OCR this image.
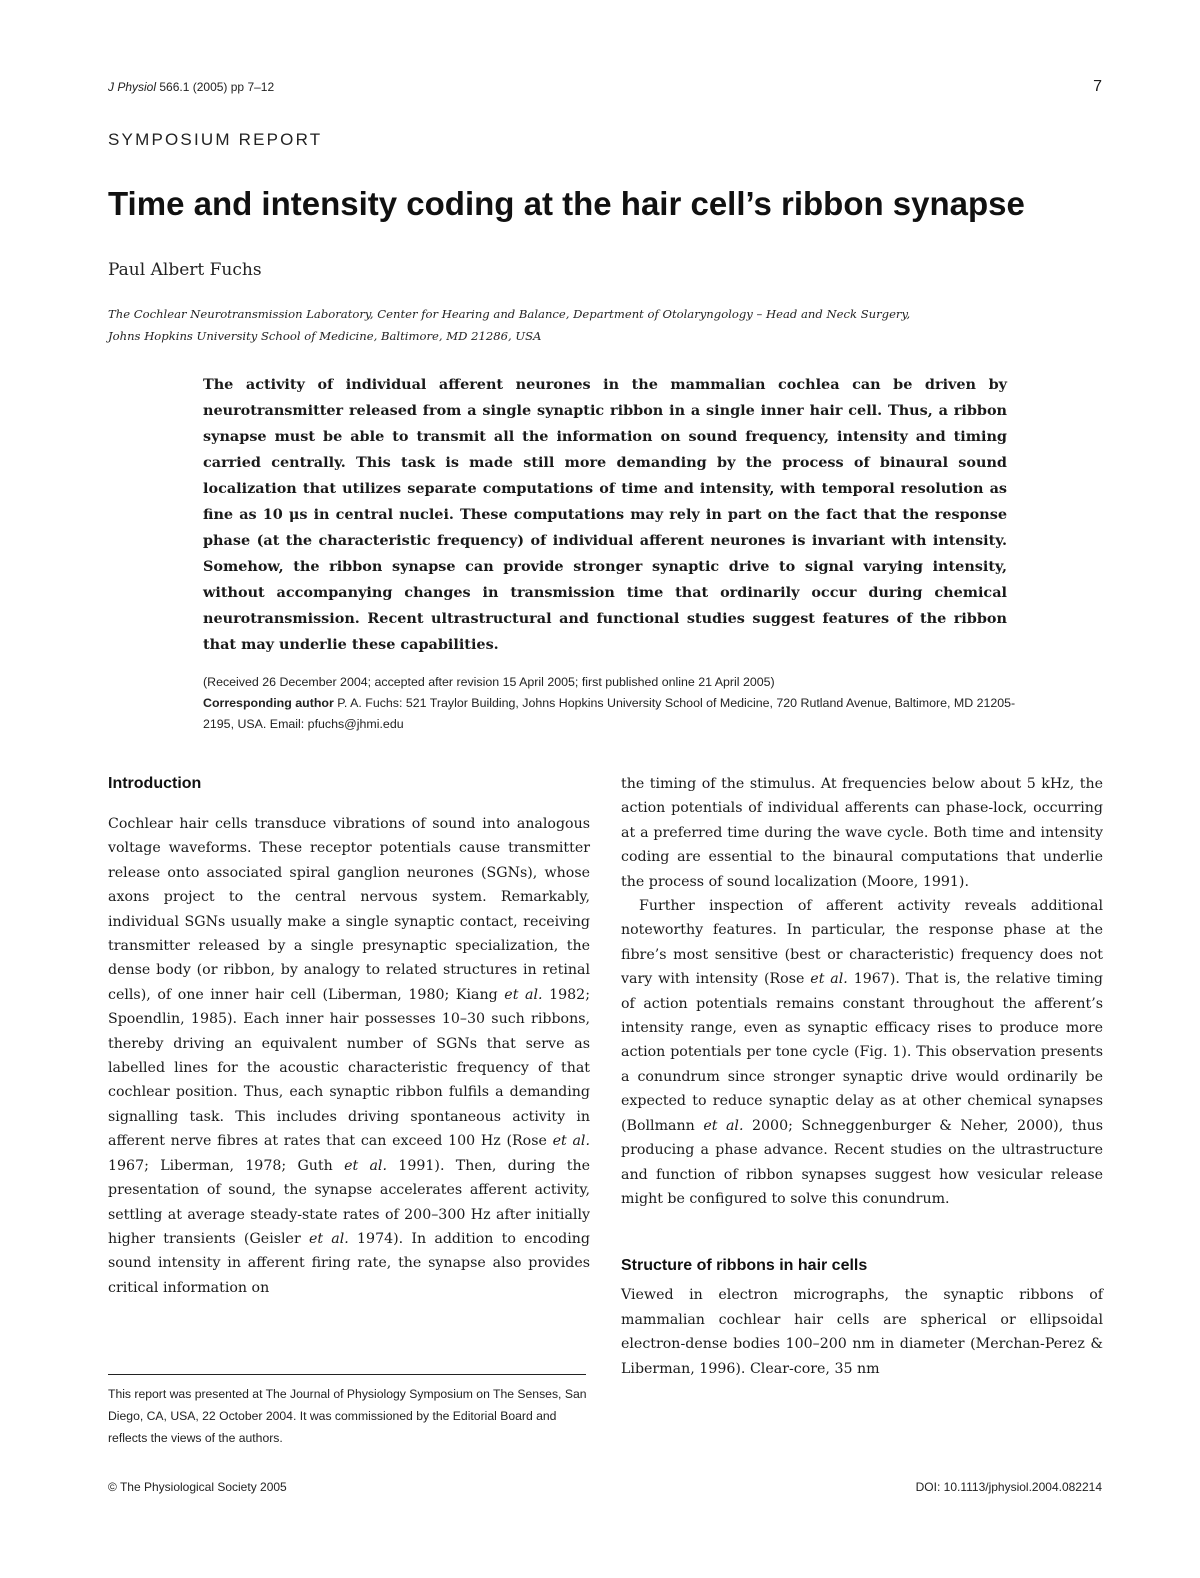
J Physiol 566.1 (2005) pp 7–12	7
SYMPOSIUM REPORT
Time and intensity coding at the hair cell’s ribbon synapse
Paul Albert Fuchs
The Cochlear Neurotransmission Laboratory, Center for Hearing and Balance, Department of Otolaryngology – Head and Neck Surgery,
Johns Hopkins University School of Medicine, Baltimore, MD 21286, USA

The activity of individual afferent neurones in the mammalian cochlea can be driven by neurotransmitter released from a single synaptic ribbon in a single inner hair cell. Thus, a ribbon synapse must be able to transmit all the information on sound frequency, intensity and timing carried centrally. This task is made still more demanding by the process of binaural sound localization that utilizes separate computations of time and intensity, with temporal resolution as fine as 10 μs in central nuclei. These computations may rely in part on the fact that the response phase (at the characteristic frequency) of individual afferent neurones is invariant with intensity. Somehow, the ribbon synapse can provide stronger synaptic drive to signal varying intensity, without accompanying changes in transmission time that ordinarily occur during chemical neurotransmission. Recent ultrastructural and functional studies suggest features of the ribbon that may underlie these capabilities.

(Received 26 December 2004; accepted after revision 15 April 2005; first published online 21 April 2005)
Corresponding author P. A. Fuchs: 521 Traylor Building, Johns Hopkins University School of Medicine, 720 Rutland Avenue, Baltimore, MD 21205-2195, USA. Email: pfuchs@jhmi.edu
Introduction

Cochlear hair cells transduce vibrations of sound into analogous voltage waveforms. These receptor potentials cause transmitter release onto associated spiral ganglion neurones (SGNs), whose axons project to the central nervous system. Remarkably, individual SGNs usually make a single synaptic contact, receiving transmitter released by a single presynaptic specialization, the dense body (or ribbon, by analogy to related structures in retinal cells), of one inner hair cell (Liberman, 1980; Kiang et al. 1982; Spoendlin, 1985). Each inner hair possesses 10–30 such ribbons, thereby driving an equivalent number of SGNs that serve as labelled lines for the acoustic characteristic frequency of that cochlear position. Thus, each synaptic ribbon fulfils a demanding signalling task. This includes driving spontaneous activity in afferent nerve fibres at rates that can exceed 100 Hz (Rose et al. 1967; Liberman, 1978; Guth et al. 1991). Then, during the presentation of sound, the synapse accelerates afferent activity, settling at average steady-state rates of 200–300 Hz after initially higher transients (Geisler et al. 1974). In addition to encoding sound intensity in afferent firing rate, the synapse also provides critical information on

the timing of the stimulus. At frequencies below about 5 kHz, the action potentials of individual afferents can phase-lock, occurring at a preferred time during the wave cycle. Both time and intensity coding are essential to the binaural computations that underlie the process of sound localization (Moore, 1991).

Further inspection of afferent activity reveals additional noteworthy features. In particular, the response phase at the fibre’s most sensitive (best or characteristic) frequency does not vary with intensity (Rose et al. 1967). That is, the relative timing of action potentials remains constant throughout the afferent’s intensity range, even as synaptic efficacy rises to produce more action potentials per tone cycle (Fig. 1). This observation presents a conundrum since stronger synaptic drive would ordinarily be expected to reduce synaptic delay as at other chemical synapses (Bollmann et al. 2000; Schneggenburger & Neher, 2000), thus producing a phase advance. Recent studies on the ultrastructure and function of ribbon synapses suggest how vesicular release might be configured to solve this conundrum.

Structure of ribbons in hair cells

Viewed in electron micrographs, the synaptic ribbons of mammalian cochlear hair cells are spherical or ellipsoidal electron-dense bodies 100–200 nm in diameter (Merchan-Perez & Liberman, 1996). Clear-core, 35 nm

This report was presented at The Journal of Physiology Symposium on The Senses, San Diego, CA, USA, 22 October 2004. It was commissioned by the Editorial Board and reflects the views of the authors.
© The Physiological Society 2005	DOI: 10.1113/jphysiol.2004.082214
